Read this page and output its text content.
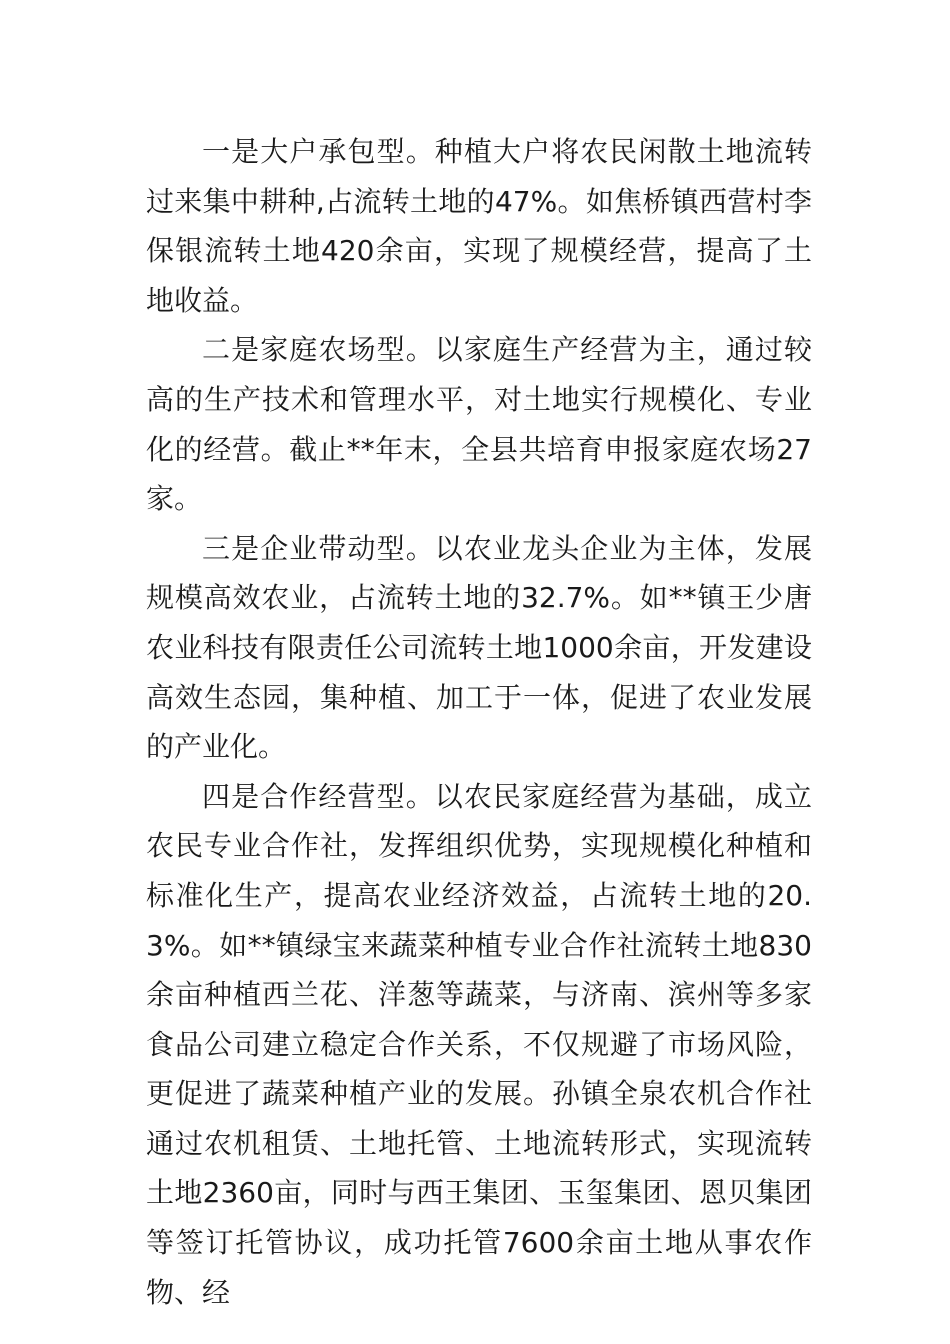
一是大户承包型。种植大户将农民闲散土地流转过来集中耕种,占流转土地的47%。如焦桥镇西营村李保银流转土地420余亩，实现了规模经营，提高了土地收益。

二是家庭农场型。以家庭生产经营为主，通过较高的生产技术和管理水平，对土地实行规模化、专业化的经营。截止**年末，全县共培育申报家庭农场27家。

三是企业带动型。以农业龙头企业为主体，发展规模高效农业，占流转土地的32.7%。如**镇王少唐农业科技有限责任公司流转土地1000余亩，开发建设高效生态园，集种植、加工于一体，促进了农业发展的产业化。

四是合作经营型。以农民家庭经营为基础，成立农民专业合作社，发挥组织优势，实现规模化种植和标准化生产，提高农业经济效益，占流转土地的20.3%。如**镇绿宝来蔬菜种植专业合作社流转土地830余亩种植西兰花、洋葱等蔬菜，与济南、滨州等多家食品公司建立稳定合作关系，不仅规避了市场风险，更促进了蔬菜种植产业的发展。孙镇全泉农机合作社通过农机租赁、土地托管、土地流转形式，实现流转土地2360亩，同时与西王集团、玉玺集团、恩贝集团等签订托管协议，成功托管7600余亩土地从事农作物、经
